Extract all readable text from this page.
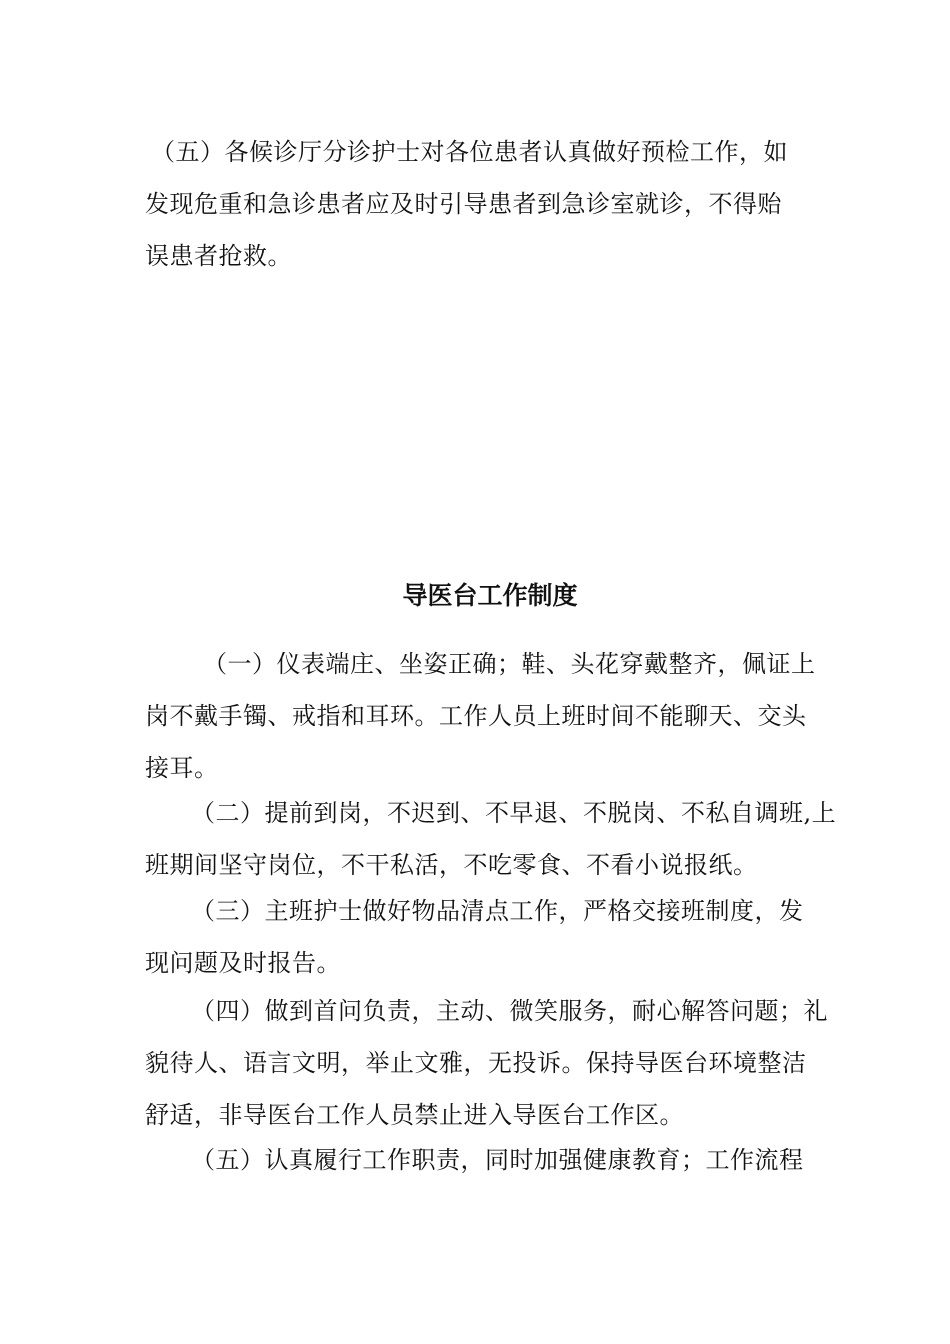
（五）各候诊厅分诊护士对各位患者认真做好预检工作，如
发现危重和急诊患者应及时引导患者到急诊室就诊，不得贻
误患者抢救。
导医台工作制度
（一）仪表端庄、坐姿正确；鞋、头花穿戴整齐，佩证上
岗不戴手镯、戒指和耳环。工作人员上班时间不能聊天、交头
接耳。
（二）提前到岗，不迟到、不早退、不脱岗、不私自调班,上
班期间坚守岗位，不干私活，不吃零食、不看小说报纸。
（三）主班护士做好物品清点工作，严格交接班制度，发
现问题及时报告。
（四）做到首问负责，主动、微笑服务，耐心解答问题；礼
貌待人、语言文明，举止文雅，无投诉。保持导医台环境整洁
舒适，非导医台工作人员禁止进入导医台工作区。
（五）认真履行工作职责，同时加强健康教育；工作流程
